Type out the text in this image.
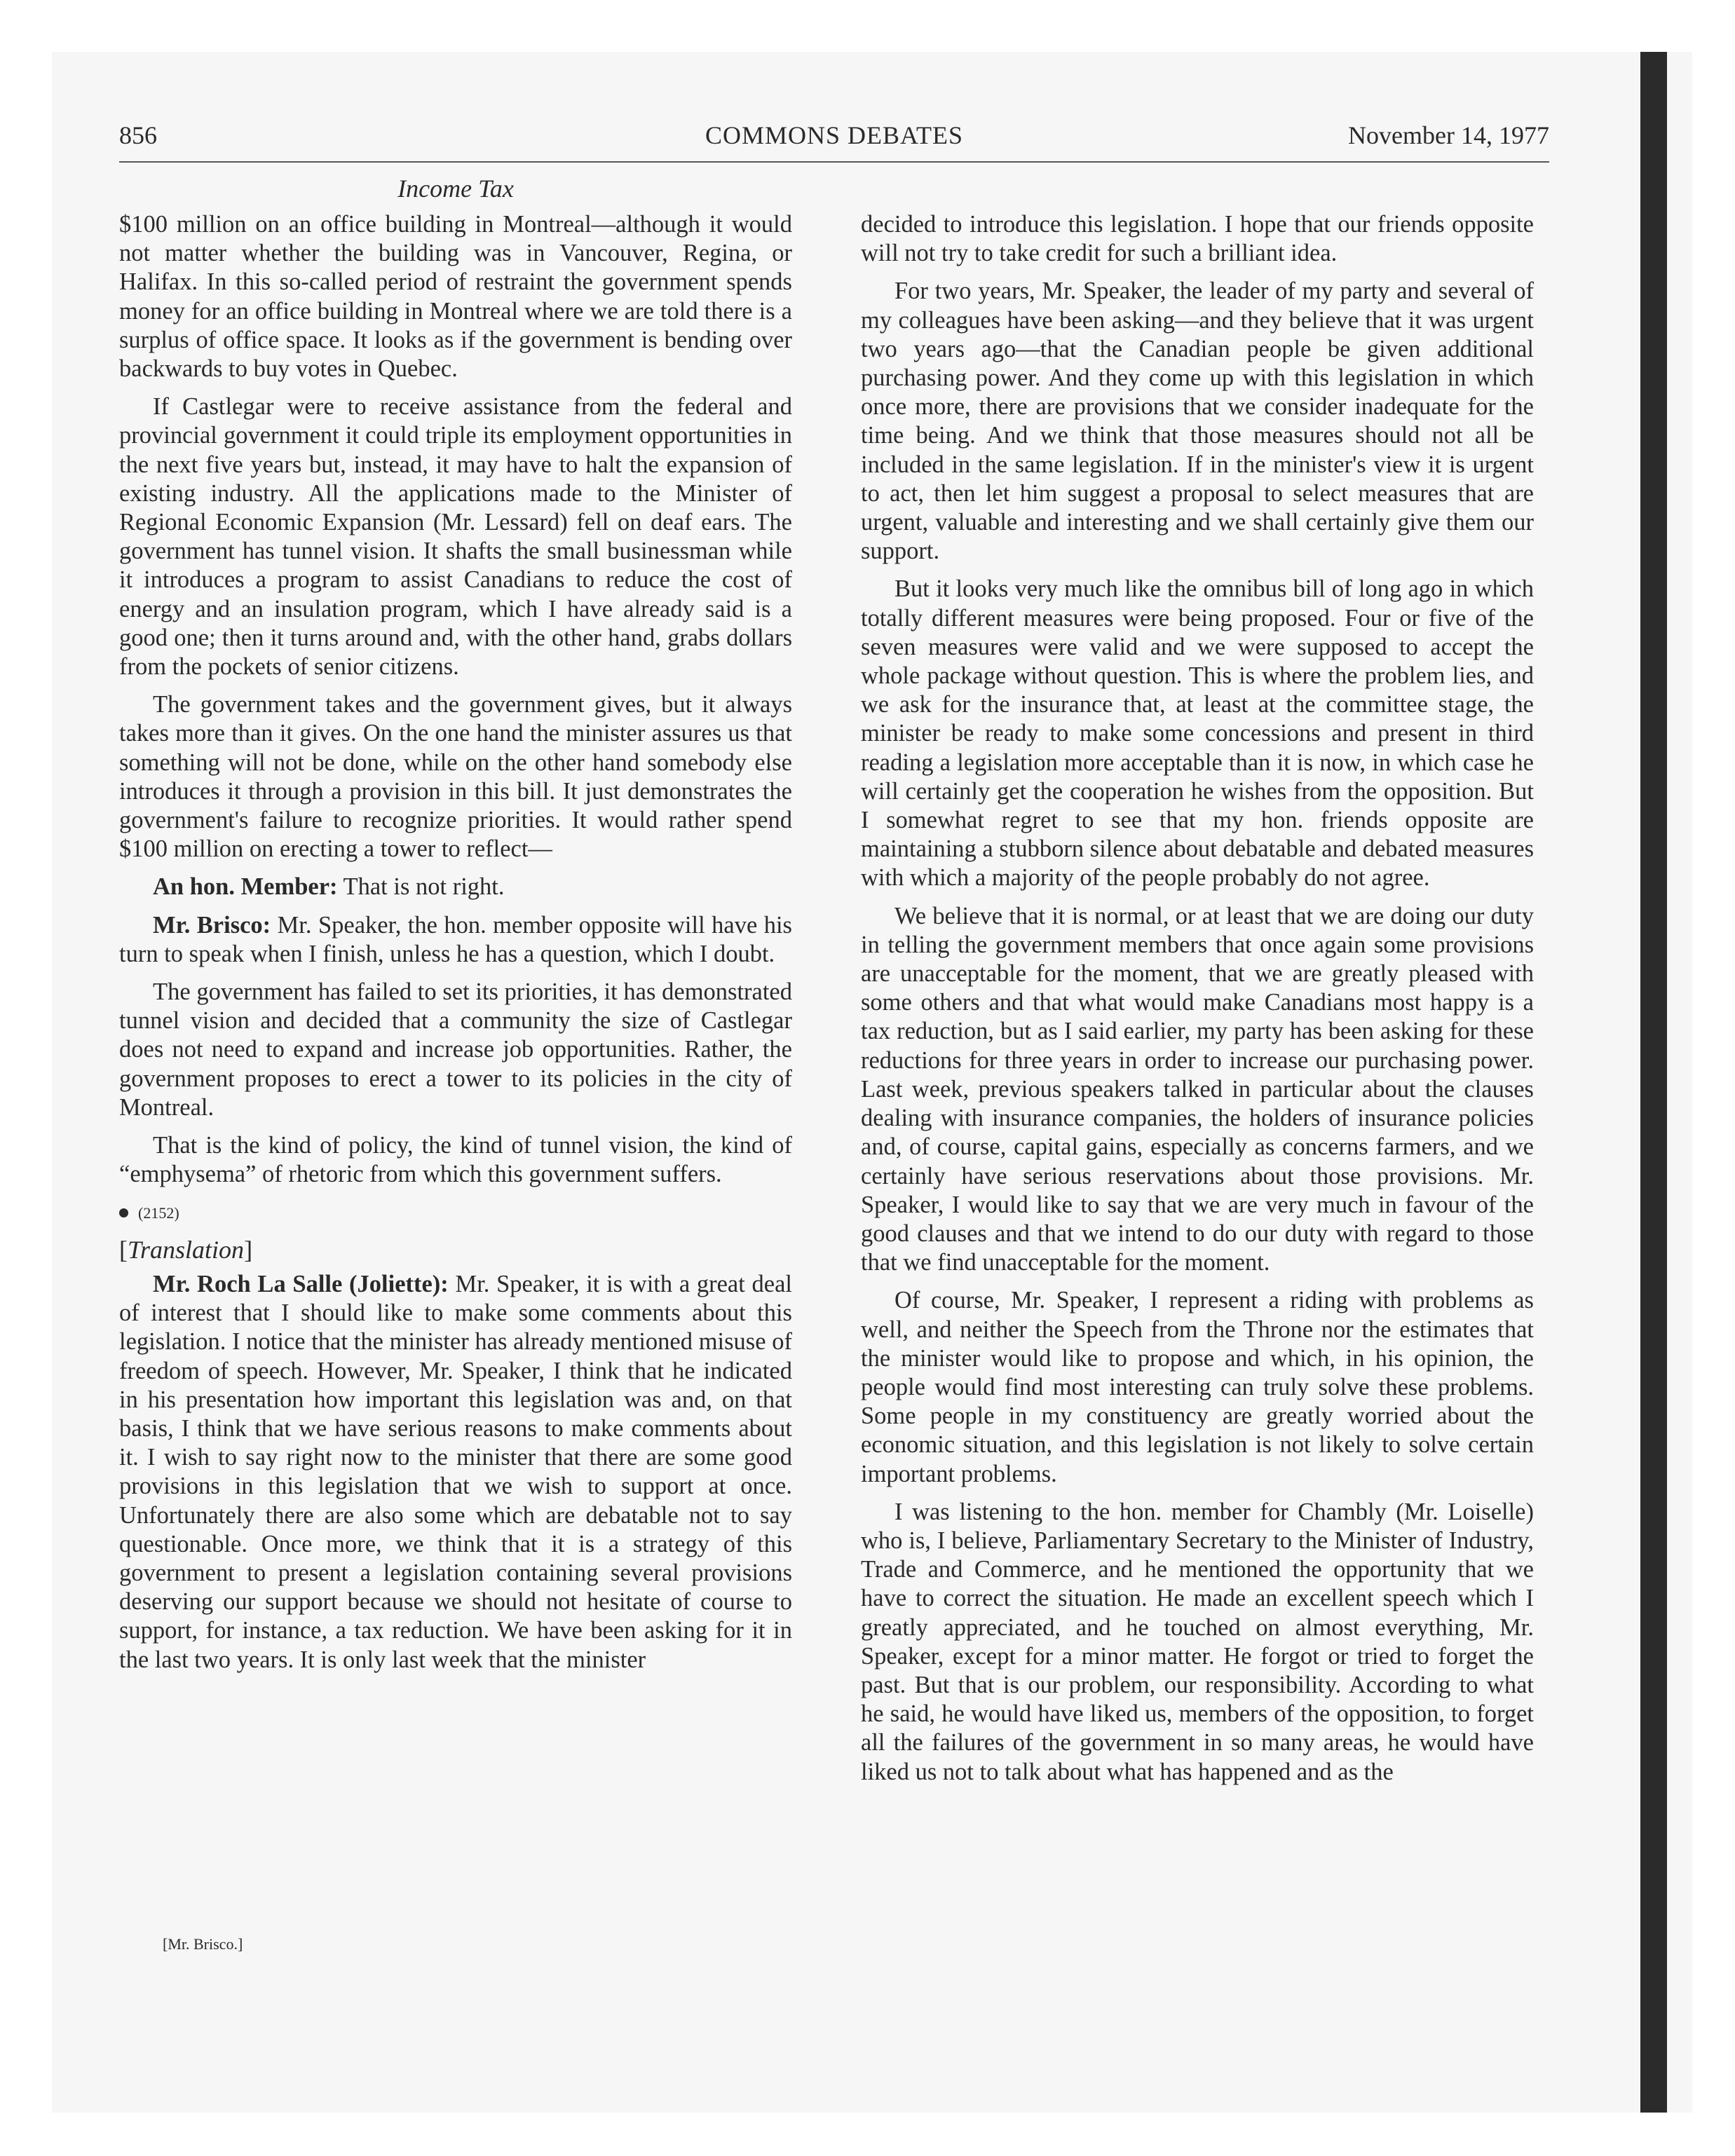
856	COMMONS DEBATES	November 14, 1977
Income Tax

$100 million on an office building in Montreal—although it would not matter whether the building was in Vancouver, Regina, or Halifax. In this so-called period of restraint the government spends money for an office building in Montreal where we are told there is a surplus of office space. It looks as if the government is bending over backwards to buy votes in Quebec.

If Castlegar were to receive assistance from the federal and provincial government it could triple its employment opportunities in the next five years but, instead, it may have to halt the expansion of existing industry. All the applications made to the Minister of Regional Economic Expansion (Mr. Lessard) fell on deaf ears. The government has tunnel vision. It shafts the small businessman while it introduces a program to assist Canadians to reduce the cost of energy and an insulation program, which I have already said is a good one; then it turns around and, with the other hand, grabs dollars from the pockets of senior citizens.

The government takes and the government gives, but it always takes more than it gives. On the one hand the minister assures us that something will not be done, while on the other hand somebody else introduces it through a provision in this bill. It just demonstrates the government's failure to recognize priorities. It would rather spend $100 million on erecting a tower to reflect—

An hon. Member: That is not right.

Mr. Brisco: Mr. Speaker, the hon. member opposite will have his turn to speak when I finish, unless he has a question, which I doubt.

The government has failed to set its priorities, it has demonstrated tunnel vision and decided that a community the size of Castlegar does not need to expand and increase job opportunities. Rather, the government proposes to erect a tower to its policies in the city of Montreal.

That is the kind of policy, the kind of tunnel vision, the kind of “emphysema” of rhetoric from which this government suffers.

(2152)
[Translation]

Mr. Roch La Salle (Joliette): Mr. Speaker, it is with a great deal of interest that I should like to make some comments about this legislation. I notice that the minister has already mentioned misuse of freedom of speech. However, Mr. Speaker, I think that he indicated in his presentation how important this legislation was and, on that basis, I think that we have serious reasons to make comments about it. I wish to say right now to the minister that there are some good provisions in this legislation that we wish to support at once. Unfortunately there are also some which are debatable not to say questionable. Once more, we think that it is a strategy of this government to present a legislation containing several provisions deserving our support because we should not hesitate of course to support, for instance, a tax reduction. We have been asking for it in the last two years. It is only last week that the minister

decided to introduce this legislation. I hope that our friends opposite will not try to take credit for such a brilliant idea.

For two years, Mr. Speaker, the leader of my party and several of my colleagues have been asking—and they believe that it was urgent two years ago—that the Canadian people be given additional purchasing power. And they come up with this legislation in which once more, there are provisions that we consider inadequate for the time being. And we think that those measures should not all be included in the same legislation. If in the minister's view it is urgent to act, then let him suggest a proposal to select measures that are urgent, valuable and interesting and we shall certainly give them our support.

But it looks very much like the omnibus bill of long ago in which totally different measures were being proposed. Four or five of the seven measures were valid and we were supposed to accept the whole package without question. This is where the problem lies, and we ask for the insurance that, at least at the committee stage, the minister be ready to make some concessions and present in third reading a legislation more acceptable than it is now, in which case he will certainly get the cooperation he wishes from the opposition. But I somewhat regret to see that my hon. friends opposite are maintaining a stubborn silence about debatable and debated measures with which a majority of the people probably do not agree.

We believe that it is normal, or at least that we are doing our duty in telling the government members that once again some provisions are unacceptable for the moment, that we are greatly pleased with some others and that what would make Canadians most happy is a tax reduction, but as I said earlier, my party has been asking for these reductions for three years in order to increase our purchasing power. Last week, previous speakers talked in particular about the clauses dealing with insurance companies, the holders of insurance policies and, of course, capital gains, especially as concerns farmers, and we certainly have serious reservations about those provisions. Mr. Speaker, I would like to say that we are very much in favour of the good clauses and that we intend to do our duty with regard to those that we find unacceptable for the moment.

Of course, Mr. Speaker, I represent a riding with problems as well, and neither the Speech from the Throne nor the estimates that the minister would like to propose and which, in his opinion, the people would find most interesting can truly solve these problems. Some people in my constituency are greatly worried about the economic situation, and this legislation is not likely to solve certain important problems.

I was listening to the hon. member for Chambly (Mr. Loiselle) who is, I believe, Parliamentary Secretary to the Minister of Industry, Trade and Commerce, and he mentioned the opportunity that we have to correct the situation. He made an excellent speech which I greatly appreciated, and he touched on almost everything, Mr. Speaker, except for a minor matter. He forgot or tried to forget the past. But that is our problem, our responsibility. According to what he said, he would have liked us, members of the opposition, to forget all the failures of the government in so many areas, he would have liked us not to talk about what has happened and as the

[Mr. Brisco.]
